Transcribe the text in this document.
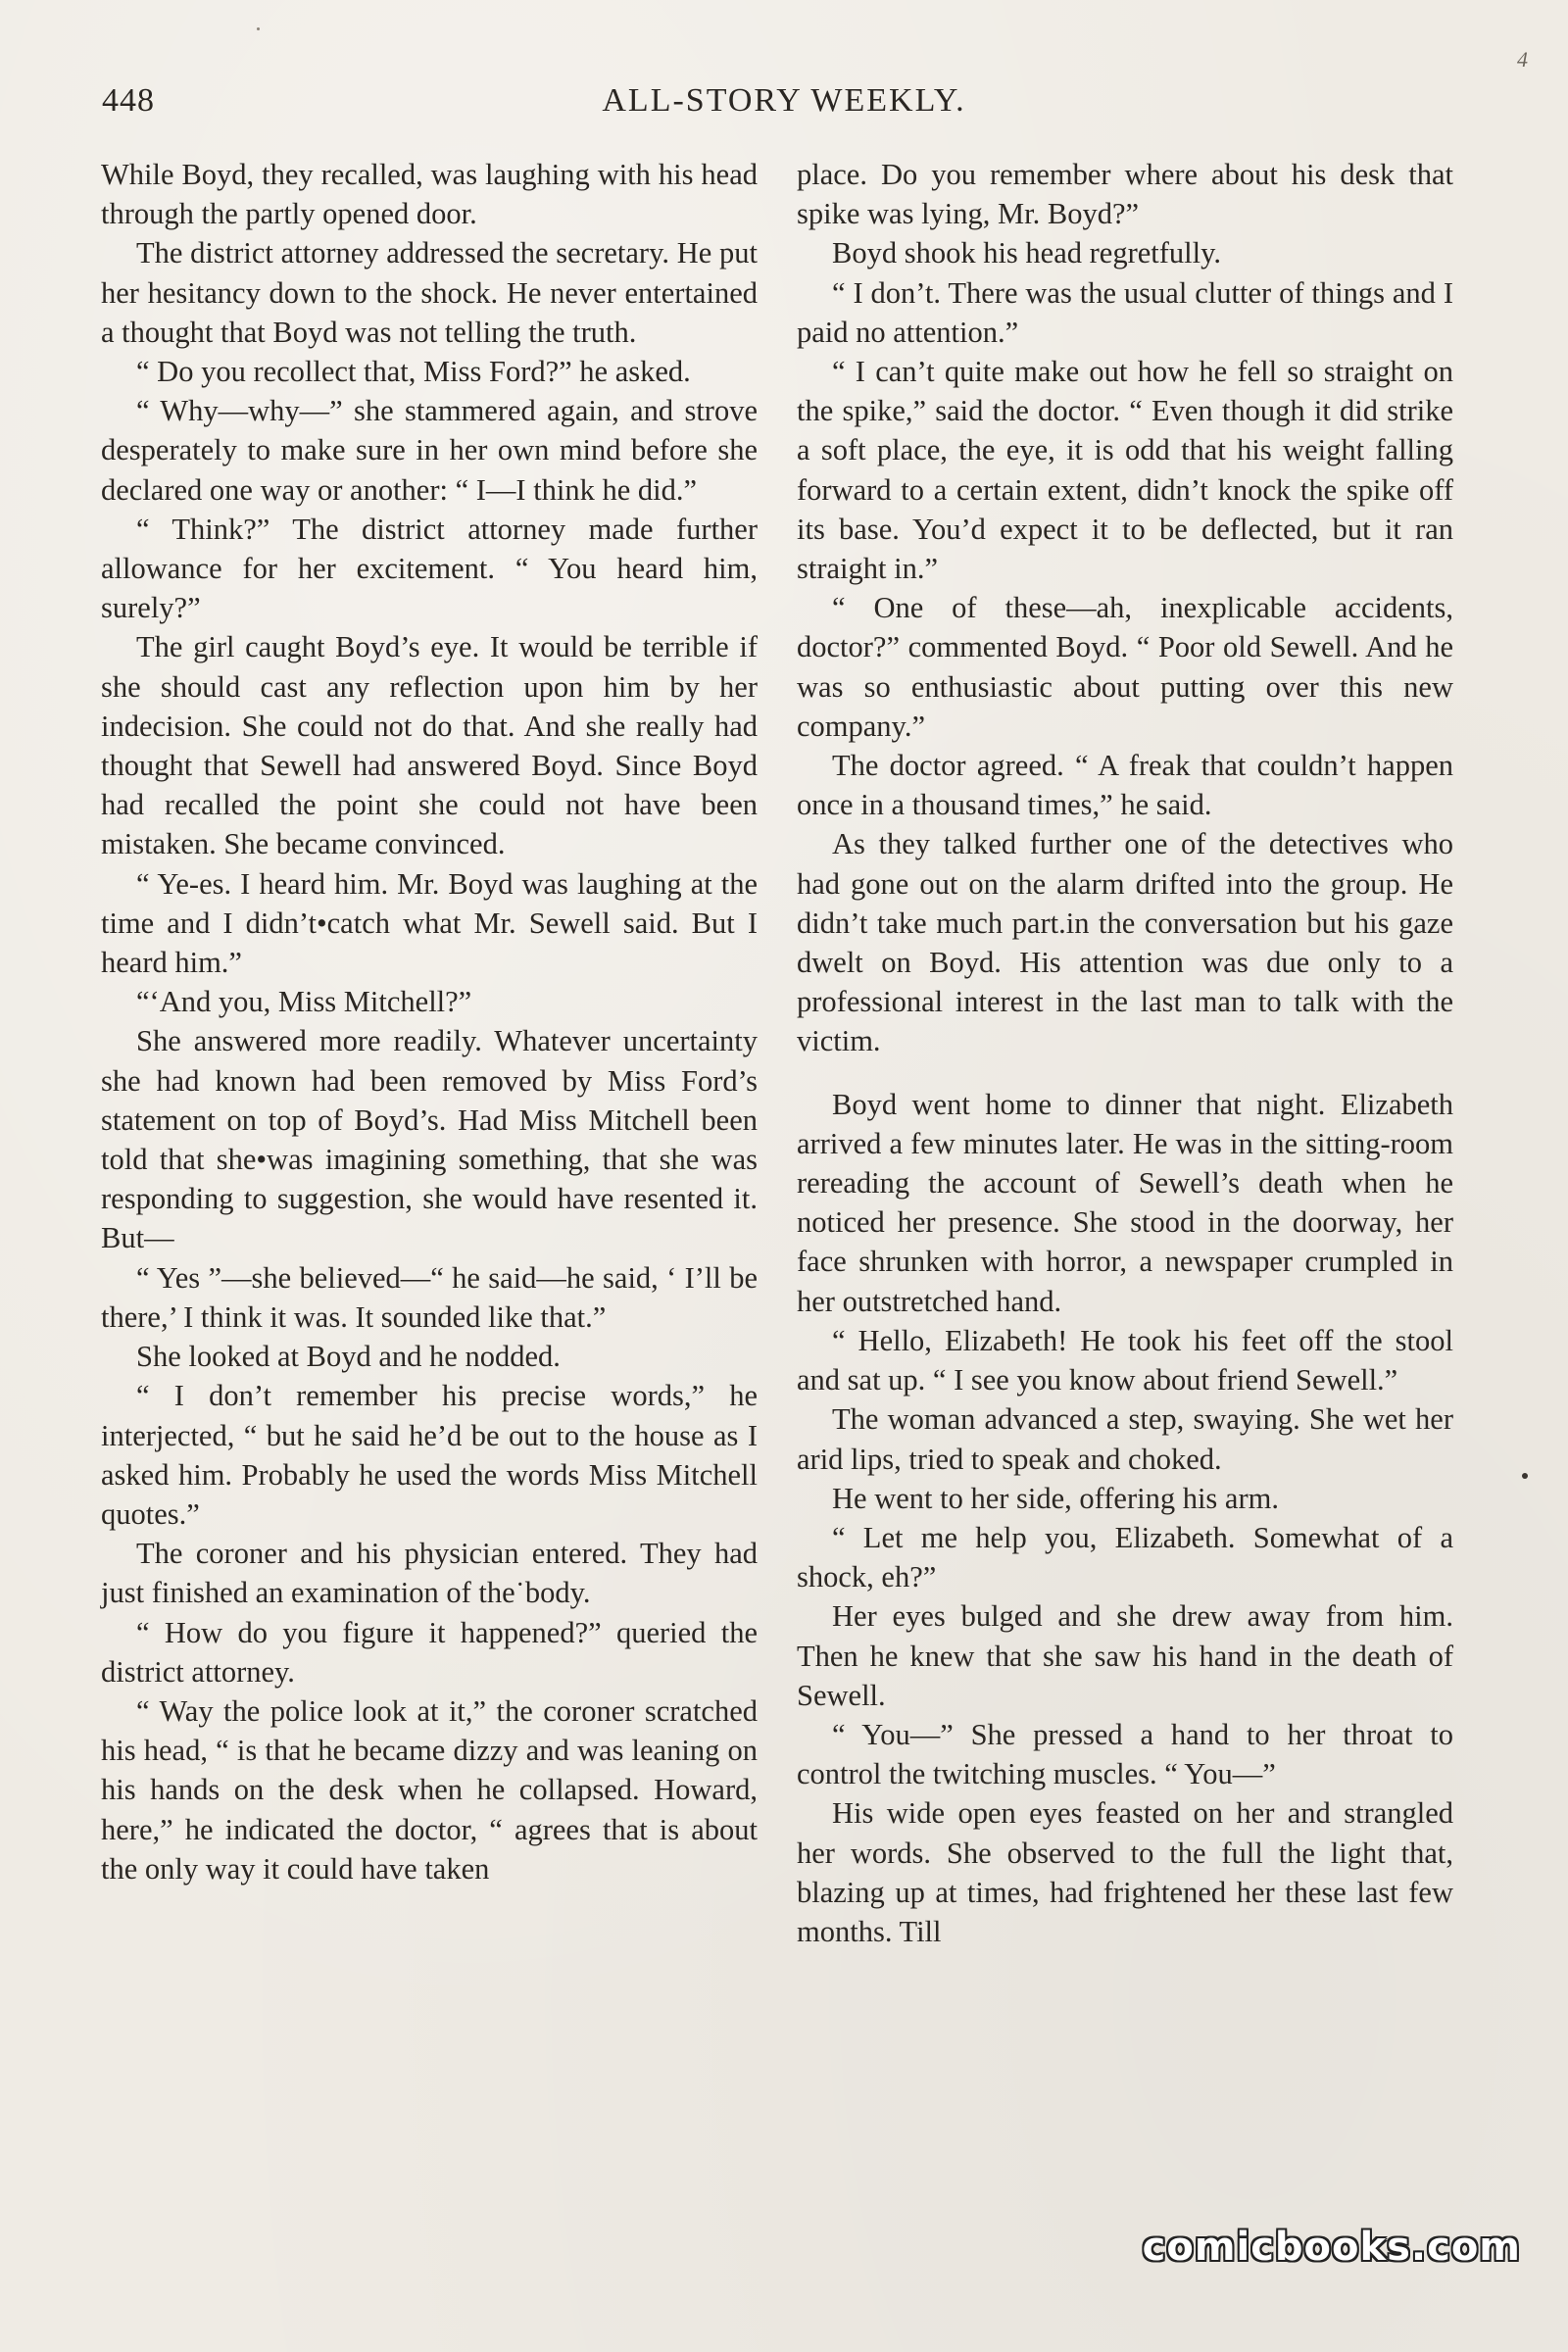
448	ALL-STORY WEEKLY.
4

While Boyd, they recalled, was laughing with his head through the partly opened door.

The district attorney addressed the secretary. He put her hesitancy down to the shock. He never entertained a thought that Boyd was not telling the truth.

“ Do you recollect that, Miss Ford?” he asked.

“ Why—why—” she stammered again, and strove desperately to make sure in her own mind before she declared one way or another: “ I—I think he did.”

“ Think?” The district attorney made further allowance for her excitement. “ You heard him, surely?”

The girl caught Boyd’s eye. It would be terrible if she should cast any reflection upon him by her indecision. She could not do that. And she really had thought that Sewell had answered Boyd. Since Boyd had recalled the point she could not have been mistaken. She became convinced.

“ Ye-es. I heard him. Mr. Boyd was laughing at the time and I didn’t•catch what Mr. Sewell said. But I heard him.”

“‘And you, Miss Mitchell?”

She answered more readily. Whatever uncertainty she had known had been removed by Miss Ford’s statement on top of Boyd’s. Had Miss Mitchell been told that she•was imagining something, that she was responding to suggestion, she would have resented it. But—

“ Yes ”—she believed—“ he said—he said, ‘ I’ll be there,’ I think it was. It sounded like that.”

She looked at Boyd and he nodded.

“ I don’t remember his precise words,” he interjected, “ but he said he’d be out to the house as I asked him. Probably he used the words Miss Mitchell quotes.”

The coroner and his physician entered. They had just finished an examination of the˙body.

“ How do you figure it happened?” queried the district attorney.

“ Way the police look at it,” the coroner scratched his head, “ is that he became dizzy and was leaning on his hands on the desk when he collapsed. Howard, here,” he indicated the doctor, “ agrees that is about the only way it could have taken

place. Do you remember where about his desk that spike was lying, Mr. Boyd?”

Boyd shook his head regretfully.

“ I don’t. There was the usual clutter of things and I paid no attention.”

“ I can’t quite make out how he fell so straight on the spike,” said the doctor. “ Even though it did strike a soft place, the eye, it is odd that his weight falling forward to a certain extent, didn’t knock the spike off its base. You’d expect it to be deflected, but it ran straight in.”

“ One of these—ah, inexplicable accidents, doctor?” commented Boyd. “ Poor old Sewell. And he was so enthusiastic about putting over this new company.”

The doctor agreed. “ A freak that couldn’t happen once in a thousand times,” he said.

As they talked further one of the detectives who had gone out on the alarm drifted into the group. He didn’t take much part.in the conversation but his gaze dwelt on Boyd. His attention was due only to a professional interest in the last man to talk with the victim.

Boyd went home to dinner that night. Elizabeth arrived a few minutes later. He was in the sitting-room rereading the account of Sewell’s death when he noticed her presence. She stood in the doorway, her face shrunken with horror, a newspaper crumpled in her outstretched hand.

“ Hello, Elizabeth! He took his feet off the stool and sat up. “ I see you know about friend Sewell.”

The woman advanced a step, swaying. She wet her arid lips, tried to speak and choked.

He went to her side, offering his arm.

“ Let me help you, Elizabeth. Somewhat of a shock, eh?”

Her eyes bulged and she drew away from him. Then he knew that she saw his hand in the death of Sewell.

“ You—” She pressed a hand to her throat to control the twitching muscles. “ You—”

His wide open eyes feasted on her and strangled her words. She observed to the full the light that, blazing up at times, had frightened her these last few months. Till

comicbooks.com
